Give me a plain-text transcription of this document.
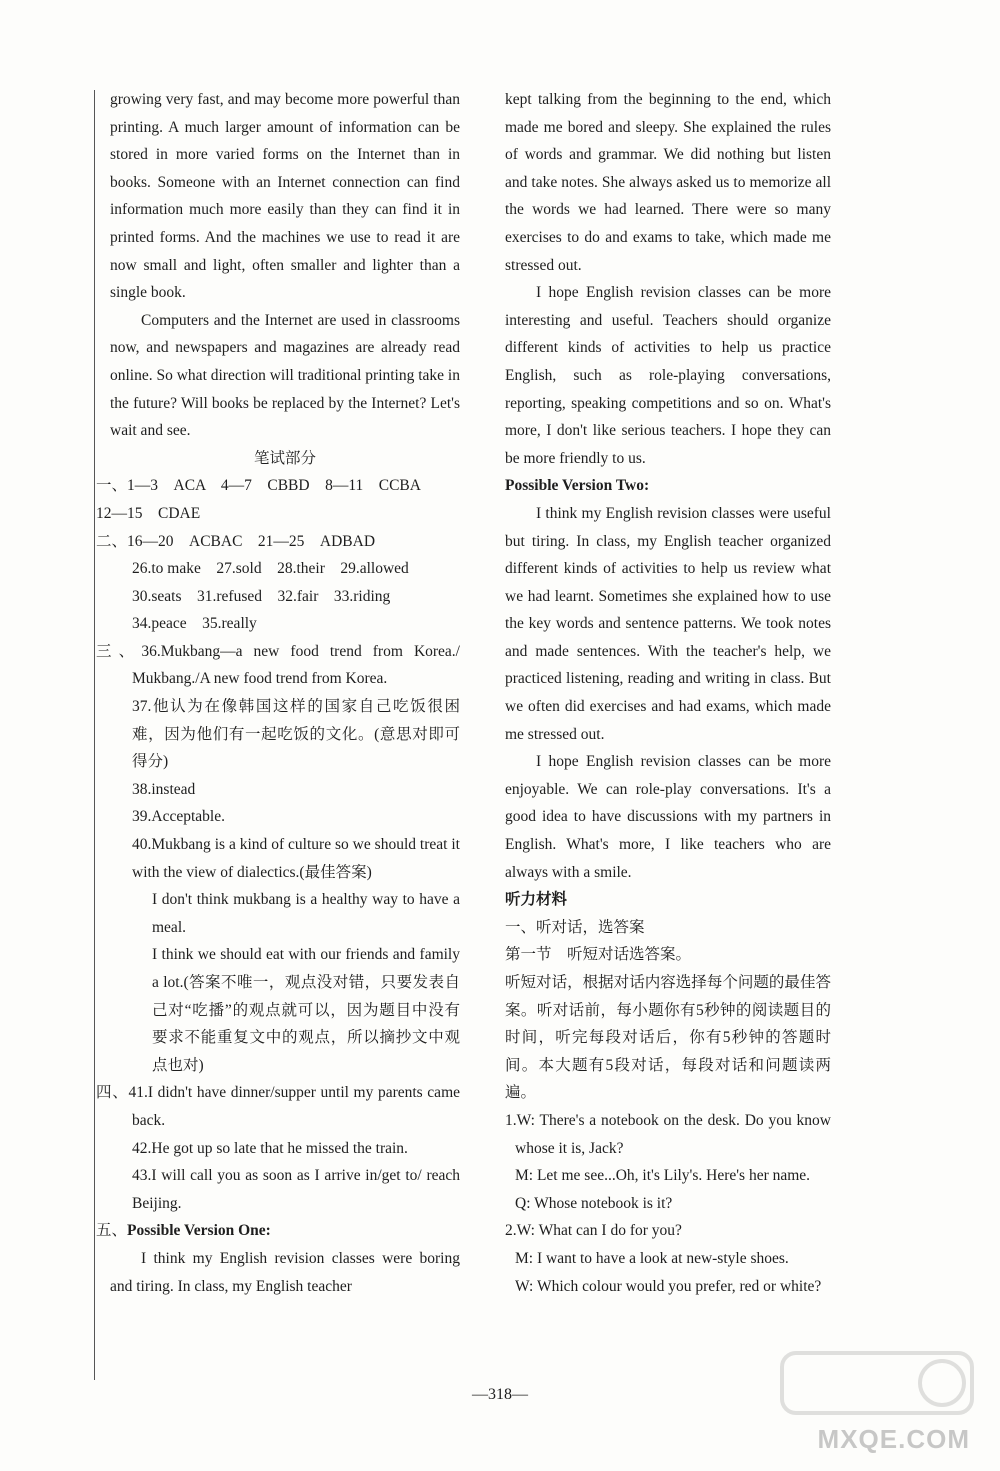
growing very fast, and may become more powerful than printing. A much larger amount of information can be stored in more varied forms on the Internet than in books. Someone with an Internet connection can find information much more easily than they can find it in printed forms. And the machines we use to read it are now small and light, often smaller and lighter than a single book.

Computers and the Internet are used in classrooms now, and newspapers and magazines are already read online. So what direction will traditional printing take in the future? Will books be replaced by the Internet? Let's wait and see.

笔试部分

一、1—3　ACA　4—7　CBBD　8—11　CCBA

12—15　CDAE

二、16—20　ACBAC　21—25　ADBAD

26.to make　27.sold　28.their　29.allowed

30.seats　31.refused　32.fair　33.riding

34.peace　35.really

三、36.Mukbang—a new food trend from Korea./ Mukbang./A new food trend from Korea.

37.他认为在像韩国这样的国家自己吃饭很困难，因为他们有一起吃饭的文化。(意思对即可得分)

38.instead

39.Acceptable.

40.Mukbang is a kind of culture so we should treat it with the view of dialectics.(最佳答案)

I don't think mukbang is a healthy way to have a meal.

I think we should eat with our friends and family a lot.(答案不唯一，观点没对错，只要发表自己对“吃播”的观点就可以，因为题目中没有要求不能重复文中的观点，所以摘抄文中观点也对)

四、41.I didn't have dinner/supper until my parents came back.

42.He got up so late that he missed the train.

43.I will call you as soon as I arrive in/get to/ reach Beijing.

五、Possible Version One:

I think my English revision classes were boring and tiring. In class, my English teacher

kept talking from the beginning to the end, which made me bored and sleepy. She explained the rules of words and grammar. We did nothing but listen and take notes. She always asked us to memorize all the words we had learned. There were so many exercises to do and exams to take, which made me stressed out.

I hope English revision classes can be more interesting and useful. Teachers should organize different kinds of activities to help us practice English, such as role-playing conversations, reporting, speaking competitions and so on. What's more, I don't like serious teachers. I hope they can be more friendly to us.

Possible Version Two:

I think my English revision classes were useful but tiring. In class, my English teacher organized different kinds of activities to help us review what we had learnt. Sometimes she explained how to use the key words and sentence patterns. We took notes and made sentences. With the teacher's help, we practiced listening, reading and writing in class. But we often did exercises and had exams, which made me stressed out.

I hope English revision classes can be more enjoyable. We can role-play conversations. It's a good idea to have discussions with my partners in English. What's more, I like teachers who are always with a smile.

听力材料

一、听对话，选答案

第一节　听短对话选答案。

听短对话，根据对话内容选择每个问题的最佳答案。听对话前，每小题你有5秒钟的阅读题目的时间，听完每段对话后，你有5秒钟的答题时间。本大题有5段对话，每段对话和问题读两遍。

1.W: There's a notebook on the desk. Do you know whose it is, Jack?

M: Let me see...Oh, it's Lily's. Here's her name.

Q: Whose notebook is it?

2.W: What can I do for you?

M: I want to have a look at new-style shoes.

W: Which colour would you prefer, red or white?

—318—
MXQE.COM
